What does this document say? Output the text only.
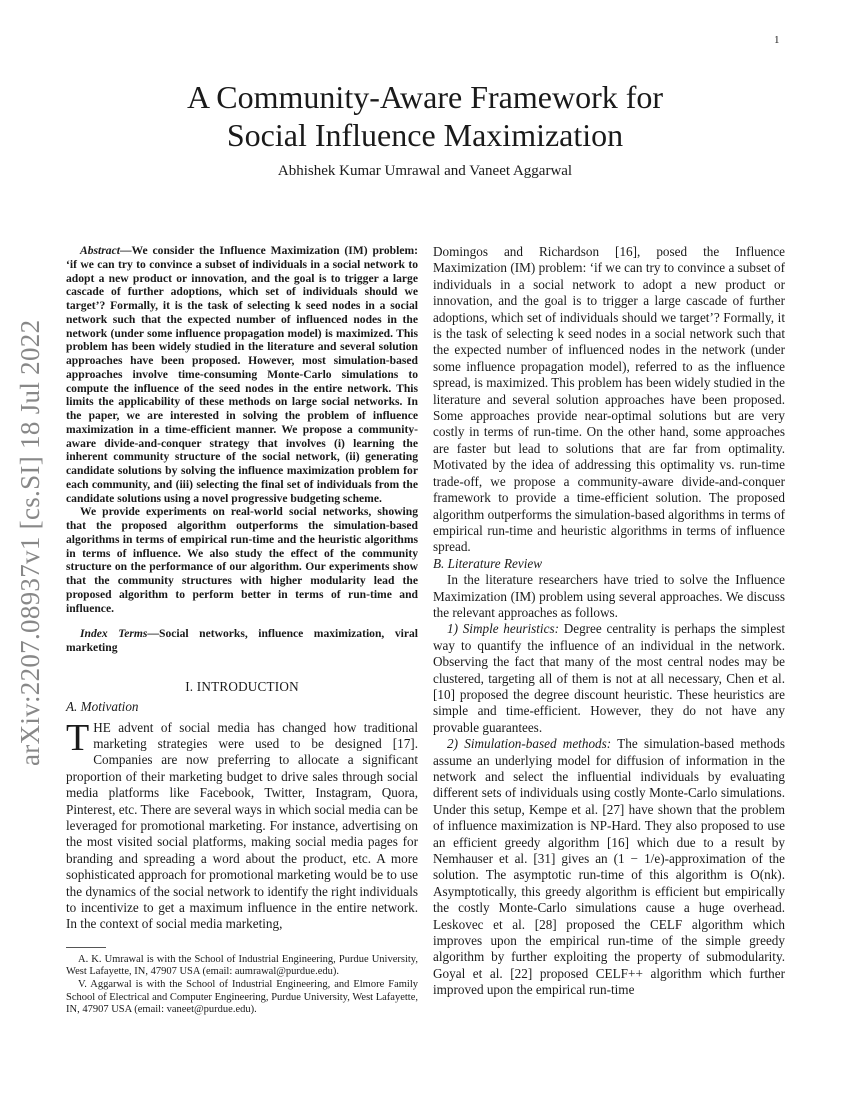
1
arXiv:2207.08937v1 [cs.SI] 18 Jul 2022
A Community-Aware Framework for
Social Influence Maximization
Abhishek Kumar Umrawal and Vaneet Aggarwal

Abstract—We consider the Influence Maximization (IM) problem: ‘if we can try to convince a subset of individuals in a social network to adopt a new product or innovation, and the goal is to trigger a large cascade of further adoptions, which set of individuals should we target’? Formally, it is the task of selecting k seed nodes in a social network such that the expected number of influenced nodes in the network (under some influence propagation model) is maximized. This problem has been widely studied in the literature and several solution approaches have been proposed. However, most simulation-based approaches involve time-consuming Monte-Carlo simulations to compute the influence of the seed nodes in the entire network. This limits the applicability of these methods on large social networks. In the paper, we are interested in solving the problem of influence maximization in a time-efficient manner. We propose a community-aware divide-and-conquer strategy that involves (i) learning the inherent community structure of the social network, (ii) generating candidate solutions by solving the influence maximization problem for each community, and (iii) selecting the final set of individuals from the candidate solutions using a novel progressive budgeting scheme.

We provide experiments on real-world social networks, showing that the proposed algorithm outperforms the simulation-based algorithms in terms of empirical run-time and the heuristic algorithms in terms of influence. We also study the effect of the community structure on the performance of our algorithm. Our experiments show that the community structures with higher modularity lead the proposed algorithm to perform better in terms of run-time and influence.

Index Terms—Social networks, influence maximization, viral marketing
I. INTRODUCTION
A. Motivation

THE advent of social media has changed how traditional marketing strategies were used to be designed [17]. Companies are now preferring to allocate a significant proportion of their marketing budget to drive sales through social media platforms like Facebook, Twitter, Instagram, Quora, Pinterest, etc. There are several ways in which social media can be leveraged for promotional marketing. For instance, advertising on the most visited social platforms, making social media pages for branding and spreading a word about the product, etc. A more sophisticated approach for promotional marketing would be to use the dynamics of the social network to identify the right individuals to incentivize to get a maximum influence in the entire network. In the context of social media marketing,

A. K. Umrawal is with the School of Industrial Engineering, Purdue University, West Lafayette, IN, 47907 USA (email: aumrawal@purdue.edu).

V. Aggarwal is with the School of Industrial Engineering, and Elmore Family School of Electrical and Computer Engineering, Purdue University, West Lafayette, IN, 47907 USA (email: vaneet@purdue.edu).

Domingos and Richardson [16], posed the Influence Maximization (IM) problem: ‘if we can try to convince a subset of individuals in a social network to adopt a new product or innovation, and the goal is to trigger a large cascade of further adoptions, which set of individuals should we target’? Formally, it is the task of selecting k seed nodes in a social network such that the expected number of influenced nodes in the network (under some influence propagation model), referred to as the influence spread, is maximized. This problem has been widely studied in the literature and several solution approaches have been proposed. Some approaches provide near-optimal solutions but are very costly in terms of run-time. On the other hand, some approaches are faster but lead to solutions that are far from optimality. Motivated by the idea of addressing this optimality vs. run-time trade-off, we propose a community-aware divide-and-conquer framework to provide a time-efficient solution. The proposed algorithm outperforms the simulation-based algorithms in terms of empirical run-time and heuristic algorithms in terms of influence spread.

B. Literature Review

In the literature researchers have tried to solve the Influence Maximization (IM) problem using several approaches. We discuss the relevant approaches as follows.

1) Simple heuristics: Degree centrality is perhaps the simplest way to quantify the influence of an individual in the network. Observing the fact that many of the most central nodes may be clustered, targeting all of them is not at all necessary, Chen et al. [10] proposed the degree discount heuristic. These heuristics are simple and time-efficient. However, they do not have any provable guarantees.

2) Simulation-based methods: The simulation-based methods assume an underlying model for diffusion of information in the network and select the influential individuals by evaluating different sets of individuals using costly Monte-Carlo simulations. Under this setup, Kempe et al. [27] have shown that the problem of influence maximization is NP-Hard. They also proposed to use an efficient greedy algorithm [16] which due to a result by Nemhauser et al. [31] gives an (1 − 1/e)-approximation of the solution. The asymptotic run-time of this algorithm is O(nk). Asymptotically, this greedy algorithm is efficient but empirically the costly Monte-Carlo simulations cause a huge overhead. Leskovec et al. [28] proposed the CELF algorithm which improves upon the empirical run-time of the simple greedy algorithm by further exploiting the property of submodularity. Goyal et al. [22] proposed CELF++ algorithm which further improved upon the empirical run-time
